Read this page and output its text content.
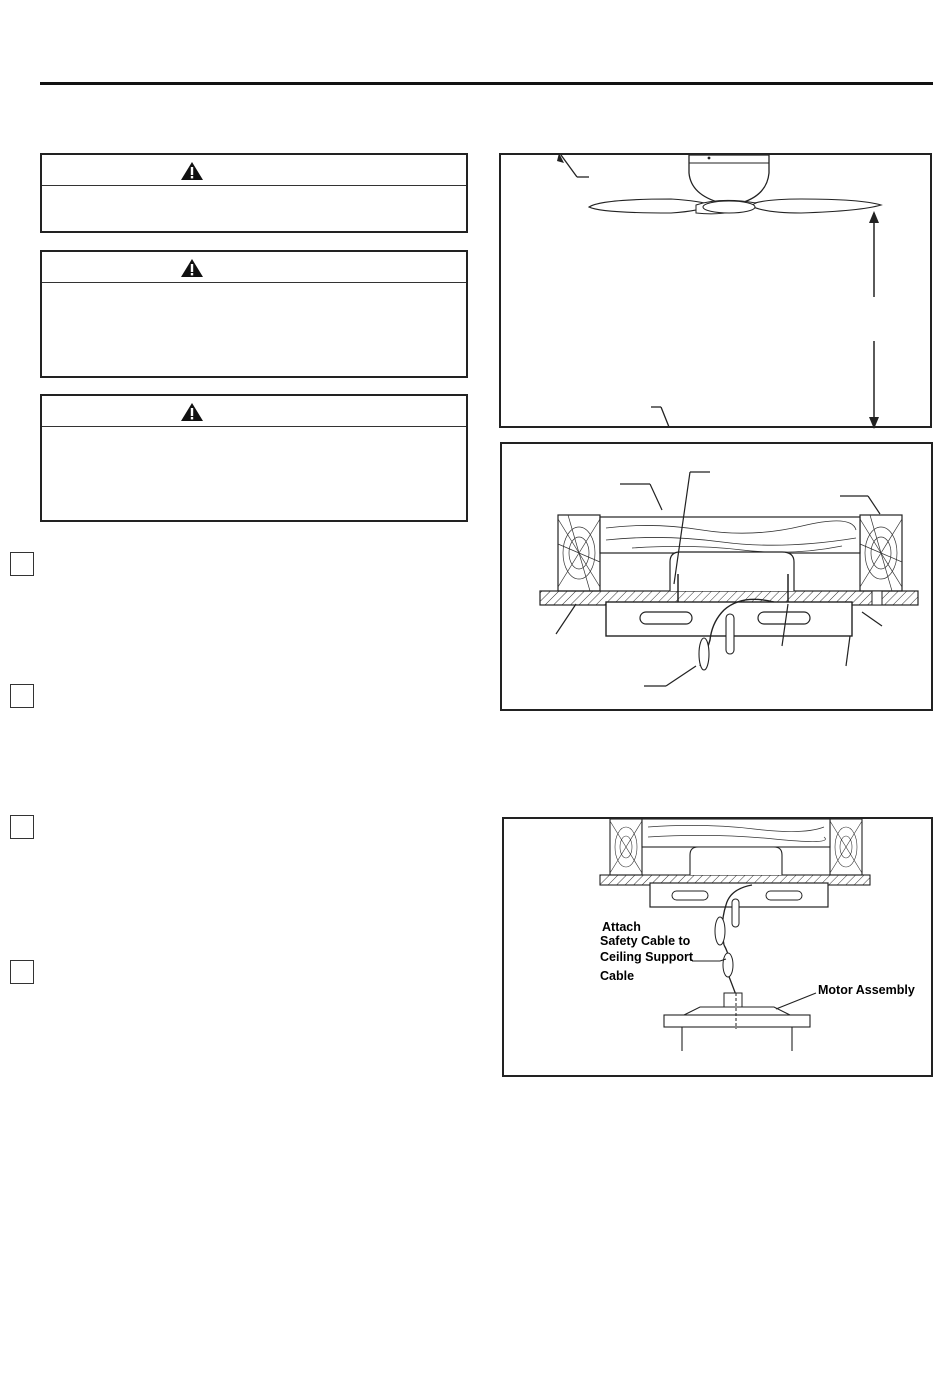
Attach
Safety Cable to
Ceiling Support
Cable
Motor Assembly
